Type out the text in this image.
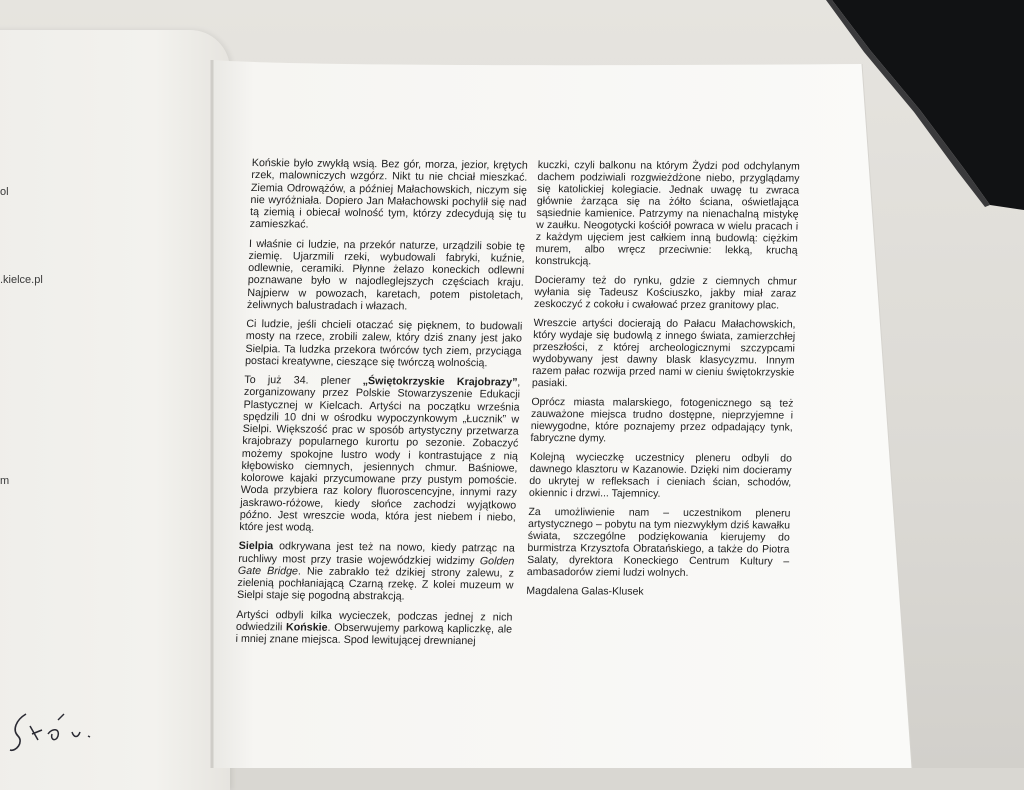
ol
.kielce.pl
m

Końskie było zwykłą wsią. Bez gór, morza, jezior, krętych rzek, malowniczych wzgórz. Nikt tu nie chciał mieszkać. Ziemia Odrowążów, a później Małachowskich, niczym się nie wyróżniała. Dopiero Jan Małachowski pochylił się nad tą ziemią i obiecał wolność tym, którzy zdecydują się tu zamieszkać.

I właśnie ci ludzie, na przekór naturze, urządzili sobie tę ziemię. Ujarzmili rzeki, wybudowali fabryki, kuźnie, odlewnie, ceramiki. Płynne żelazo koneckich odlewni poznawane było w najodleglejszych częściach kraju. Najpierw w powozach, karetach, potem pistoletach, żeliwnych balustradach i włazach.

Ci ludzie, jeśli chcieli otaczać się pięknem, to budowali mosty na rzece, zrobili zalew, który dziś znany jest jako Sielpia. Ta ludzka przekora twórców tych ziem, przyciąga postaci kreatywne, cieszące się twórczą wolnością.

To już 34. plener „Świętokrzyskie Krajobrazy”, zorganizowany przez Polskie Stowarzyszenie Edukacji Plastycznej w Kielcach. Artyści na początku września spędzili 10 dni w ośrodku wypoczynkowym „Łucznik” w Sielpi. Większość prac w sposób artystyczny przetwarza krajobrazy popularnego kurortu po sezonie. Zobaczyć możemy spokojne lustro wody i kontrastujące z nią kłębowisko ciemnych, jesiennych chmur. Baśniowe, kolorowe kajaki przycumowane przy pustym pomoście. Woda przybiera raz kolory fluoroscencyjne, innymi razy jaskrawo-różowe, kiedy słońce zachodzi wyjątkowo późno. Jest wreszcie woda, która jest niebem i niebo, które jest wodą.

Sielpia odkrywana jest też na nowo, kiedy patrząc na ruchliwy most przy trasie wojewódzkiej widzimy Golden Gate Bridge. Nie zabrakło też dzikiej strony zalewu, z zielenią pochłaniającą Czarną rzekę. Z kolei muzeum w Sielpi staje się pogodną abstrakcją.

Artyści odbyli kilka wycieczek, podczas jednej z nich odwiedzili Końskie. Obserwujemy parkową kapliczkę, ale i mniej znane miejsca. Spod lewitującej drewnianej

kuczki, czyli balkonu na którym Żydzi pod odchylanym dachem podziwiali rozgwieżdżone niebo, przyglądamy się katolickiej kolegiacie. Jednak uwagę tu zwraca głównie żarząca się na żółto ściana, oświetlająca sąsiednie kamienice. Patrzymy na nienachalną mistykę w zaułku. Neogotycki kościół powraca w wielu pracach i z każdym ujęciem jest całkiem inną budowlą: ciężkim murem, albo wręcz przeciwnie: lekką, kruchą konstrukcją.

Docieramy też do rynku, gdzie z ciemnych chmur wyłania się Tadeusz Kościuszko, jakby miał zaraz zeskoczyć z cokołu i cwałować przez granitowy plac.

Wreszcie artyści docierają do Pałacu Małachowskich, który wydaje się budowlą z innego świata, zamierzchłej przeszłości, z której archeologicznymi szczypcami wydobywany jest dawny blask klasycyzmu. Innym razem pałac rozwija przed nami w cieniu świętokrzyskie pasiaki.

Oprócz miasta malarskiego, fotogenicznego są też zauważone miejsca trudno dostępne, nieprzyjemne i niewygodne, które poznajemy przez odpadający tynk, fabryczne dymy.

Kolejną wycieczkę uczestnicy pleneru odbyli do dawnego klasztoru w Kazanowie. Dzięki nim docieramy do ukrytej w refleksach i cieniach ścian, schodów, okiennic i drzwi... Tajemnicy.

Za umożliwienie nam – uczestnikom pleneru artystycznego – pobytu na tym niezwykłym dziś kawałku świata, szczególne podziękowania kierujemy do burmistrza Krzysztofa Obratańskiego, a także do Piotra Salaty, dyrektora Koneckiego Centrum Kultury – ambasadorów ziemi ludzi wolnych.

Magdalena Galas-Klusek
